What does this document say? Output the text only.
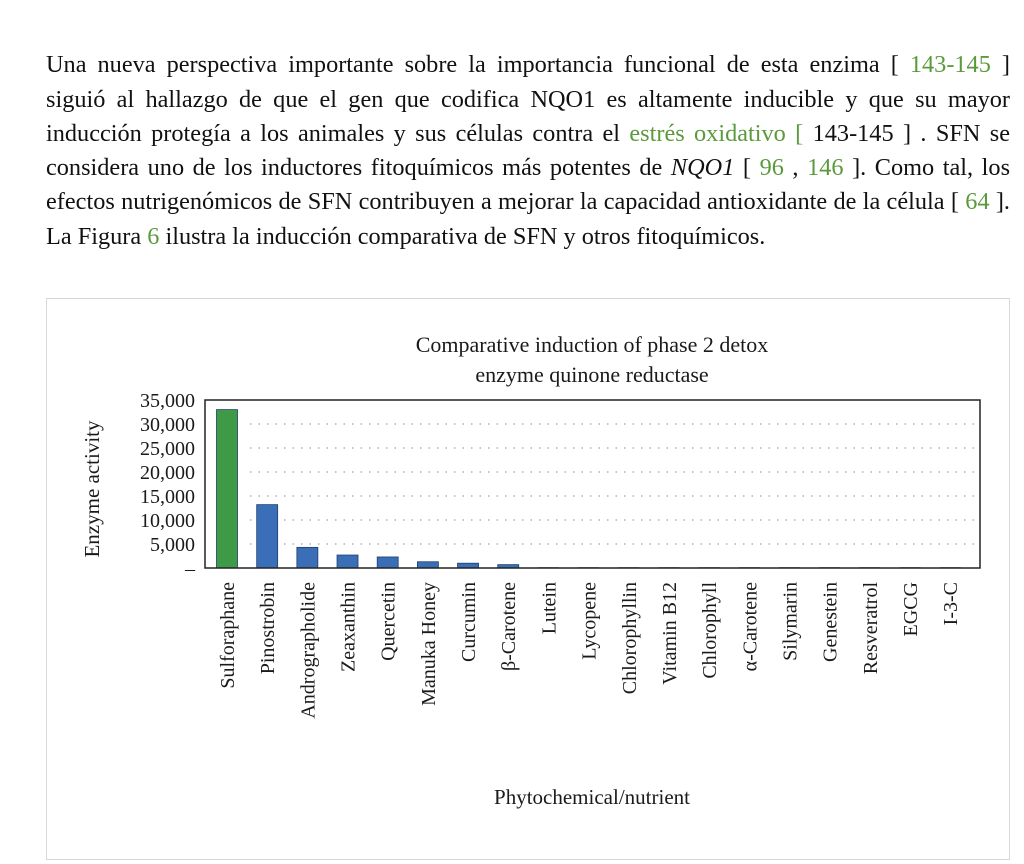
Una nueva perspectiva importante sobre la importancia funcional de esta enzima [ 143-145 ] siguió al hallazgo de que el gen que codifica NQO1 es altamente inducible y que su mayor inducción protegía a los animales y sus células contra el estrés oxidativo [ 143-145 ] . SFN se considera uno de los inductores fitoquímicos más potentes de NQO1 [ 96 , 146 ]. Como tal, los efectos nutrigenómicos de SFN contribuyen a mejorar la capacidad antioxidante de la célula [ 64 ]. La Figura 6 ilustra la inducción comparativa de SFN y otros fitoquímicos.

Comparative induction of phase 2 detox
enzyme quinone reductase
Enzyme activity
Phytochemical/nutrient
–
5,000
10,000
15,000
20,000
25,000
30,000
35,000
Sulforaphane Pinostrobin Andrographolide Zeaxanthin Quercetin Manuka Honey Curcumin β-Carotene Lutein Lycopene Chlorophyllin Vitamin B12 Chlorophyll α-Carotene Silymarin Genestein Resveratrol EGCG I-3-C
